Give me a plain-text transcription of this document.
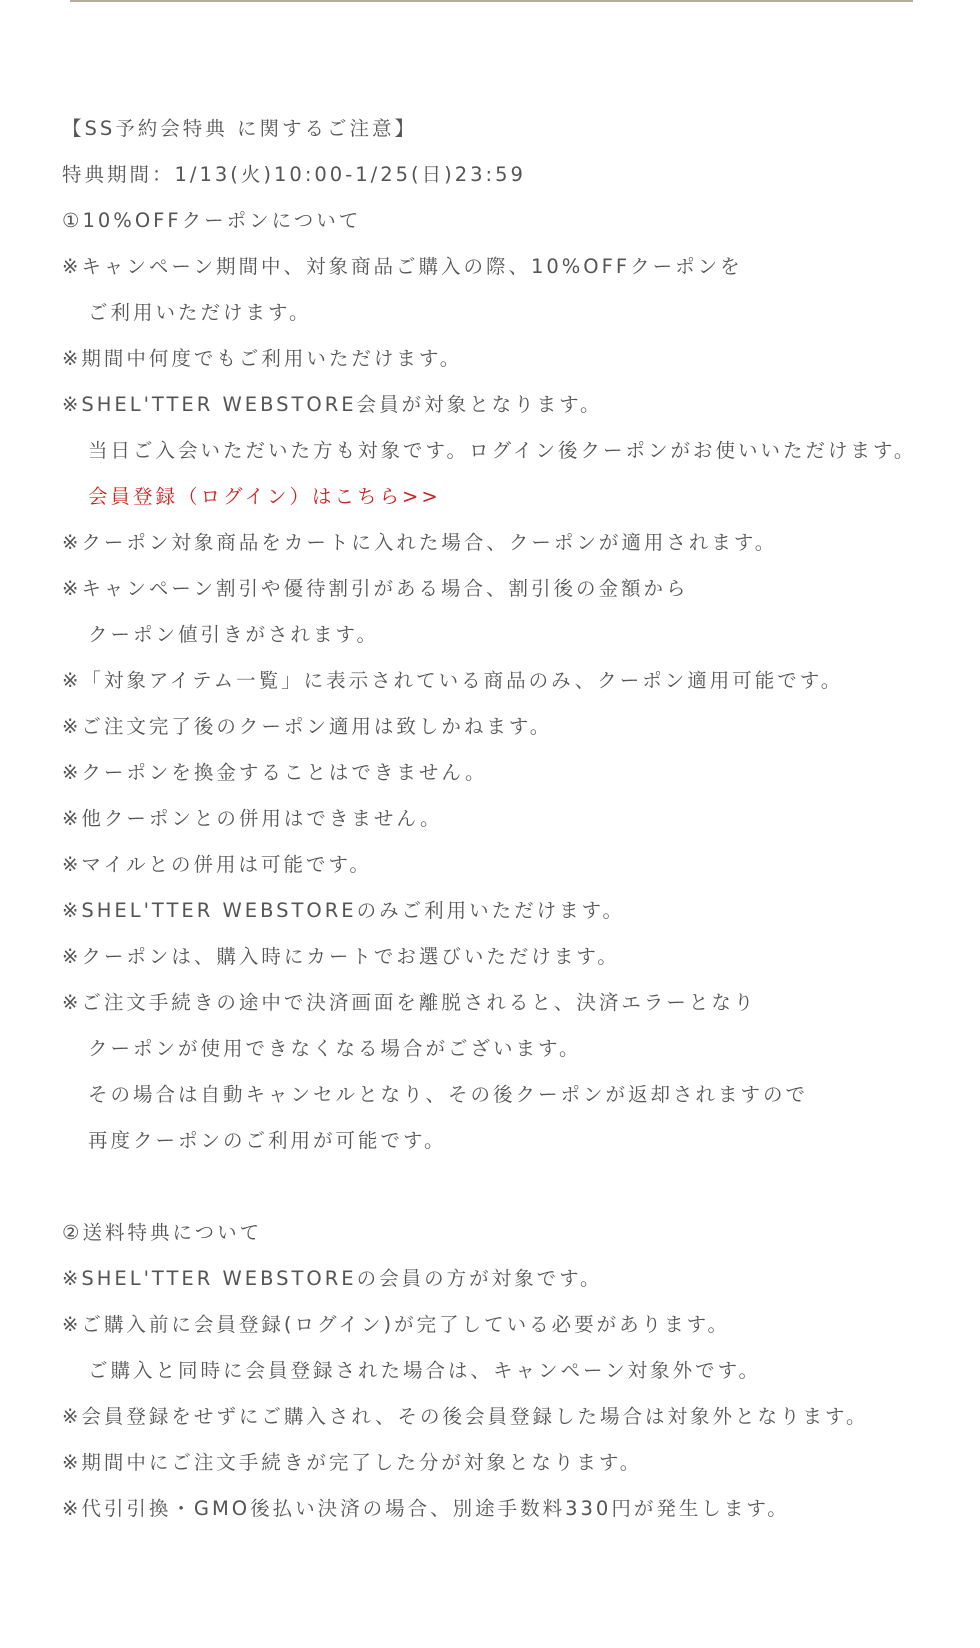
【SS予約会特典 に関するご注意】

特典期間：1/13(火)10:00-1/25(日)23:59

①10%OFFクーポンについて

※キャンペーン期間中、対象商品ご購入の際、10%OFFクーポンを

ご利用いただけます。

※期間中何度でもご利用いただけます。

※SHEL'TTER WEBSTORE会員が対象となります。

当日ご入会いただいた方も対象です。ログイン後クーポンがお使いいただけます。

会員登録（ログイン）はこちら>>

※クーポン対象商品をカートに入れた場合、クーポンが適用されます。

※キャンペーン割引や優待割引がある場合、割引後の金額から

クーポン値引きがされます。

※「対象アイテム一覧」に表示されている商品のみ、クーポン適用可能です。

※ご注文完了後のクーポン適用は致しかねます。

※クーポンを換金することはできません。

※他クーポンとの併用はできません。

※マイルとの併用は可能です。

※SHEL'TTER WEBSTOREのみご利用いただけます。

※クーポンは、購入時にカートでお選びいただけます。

※ご注文手続きの途中で決済画面を離脱されると、決済エラーとなり

クーポンが使用できなくなる場合がございます。

その場合は自動キャンセルとなり、その後クーポンが返却されますので

再度クーポンのご利用が可能です。

②送料特典について

※SHEL'TTER WEBSTOREの会員の方が対象です。

※ご購入前に会員登録(ログイン)が完了している必要があります。

ご購入と同時に会員登録された場合は、キャンペーン対象外です。

※会員登録をせずにご購入され、その後会員登録した場合は対象外となります。

※期間中にご注文手続きが完了した分が対象となります。

※代引引換・GMO後払い決済の場合、別途手数料330円が発生します。
